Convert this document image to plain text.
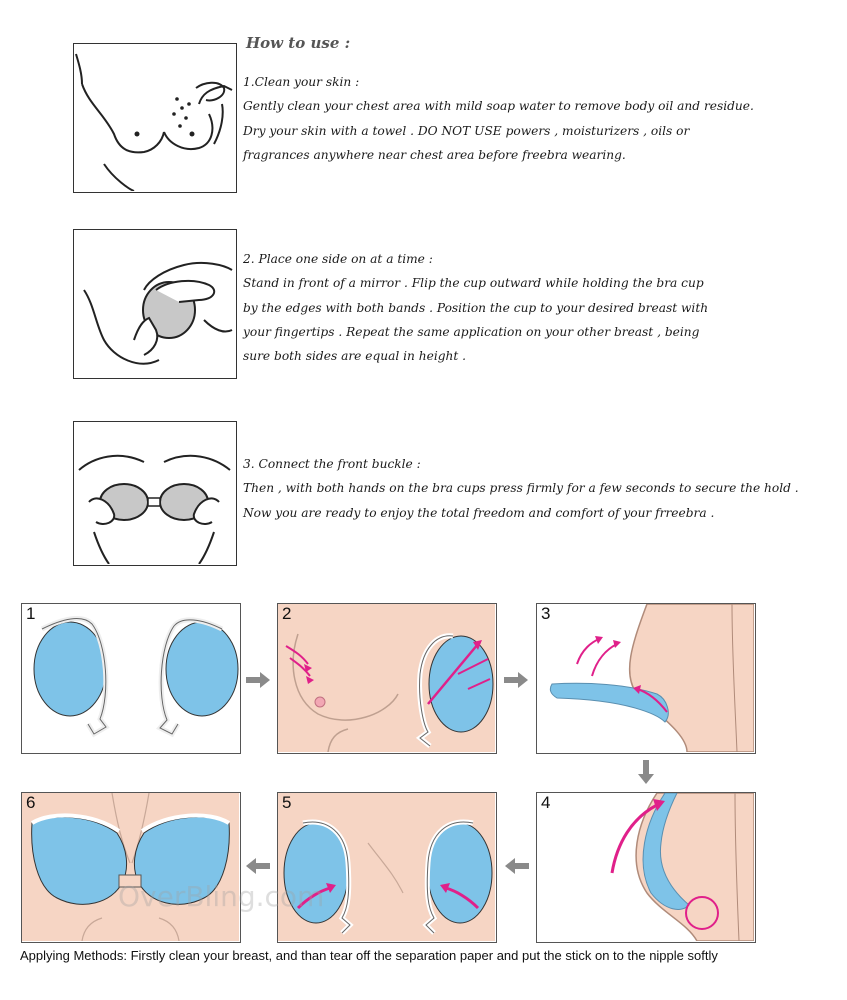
How to use :

1.Clean your skin :

Gently clean your chest area with mild soap water to remove body oil and residue.

Dry your skin with a towel . DO NOT USE powers , moisturizers , oils or

fragrances anywhere near chest area before freebra wearing.

2. Place one side on at a time :

Stand in front of a mirror . Flip the cup outward while holding the bra cup

by the edges with both bands . Position the cup to your desired breast with

your fingertips . Repeat the same application on your other breast , being

sure both sides are equal in height .

3. Connect the front buckle :

Then , with both hands on the bra cups press firmly for a few seconds to secure the hold .

Now you are ready to enjoy the total freedom and comfort of your frreebra .

1	2	3
4
5
6
OverBling.com
Applying Methods: Firstly clean your breast, and than tear off the separation paper and put the stick on to the nipple softly
